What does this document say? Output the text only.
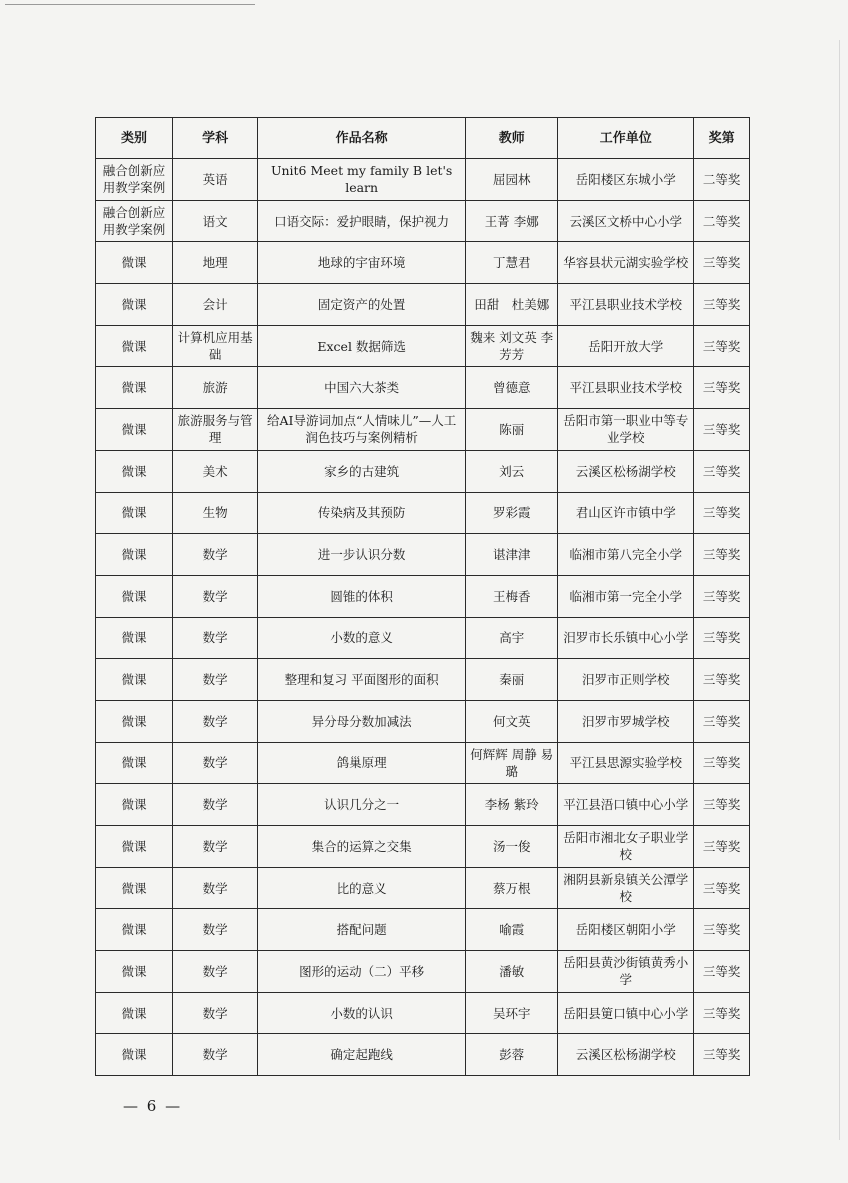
类别	学科	作品名称	教师	工作单位	奖第
融合创新应用教学案例	英语	Unit6 Meet my family B let's learn	屈园林	岳阳楼区东城小学	二等奖
融合创新应用教学案例	语文	口语交际：爱护眼睛，保护视力	王菁 李娜	云溪区文桥中心小学	二等奖
微课	地理	地球的宇宙环境	丁慧君	华容县状元湖实验学校	三等奖
微课	会计	固定资产的处置	田甜　杜美娜	平江县职业技术学校	三等奖
微课	计算机应用基础	Excel 数据筛选	魏来 刘文英 李芳芳	岳阳开放大学	三等奖
微课	旅游	中国六大茶类	曾德意	平江县职业技术学校	三等奖
微课	旅游服务与管理	给AI导游词加点“人情味儿”—人工润色技巧与案例精析	陈丽	岳阳市第一职业中等专业学校	三等奖
微课	美术	家乡的古建筑	刘云	云溪区松杨湖学校	三等奖
微课	生物	传染病及其预防	罗彩霞	君山区许市镇中学	三等奖
微课	数学	进一步认识分数	谌津津	临湘市第八完全小学	三等奖
微课	数学	圆锥的体积	王梅香	临湘市第一完全小学	三等奖
微课	数学	小数的意义	高宇	汨罗市长乐镇中心小学	三等奖
微课	数学	整理和复习 平面图形的面积	秦丽	汨罗市正则学校	三等奖
微课	数学	异分母分数加减法	何文英	汨罗市罗城学校	三等奖
微课	数学	鸽巢原理	何辉辉 周静 易璐	平江县思源实验学校	三等奖
微课	数学	认识几分之一	李杨 紫玲	平江县浯口镇中心小学	三等奖
微课	数学	集合的运算之交集	汤一俊	岳阳市湘北女子职业学校	三等奖
微课	数学	比的意义	蔡万根	湘阴县新泉镇关公潭学校	三等奖
微课	数学	搭配问题	喻霞	岳阳楼区朝阳小学	三等奖
微课	数学	图形的运动（二）平移	潘敏	岳阳县黄沙街镇黄秀小学	三等奖
微课	数学	小数的认识	吴环宇	岳阳县筻口镇中心小学	三等奖
微课	数学	确定起跑线	彭蓉	云溪区松杨湖学校	三等奖
— 6 —
